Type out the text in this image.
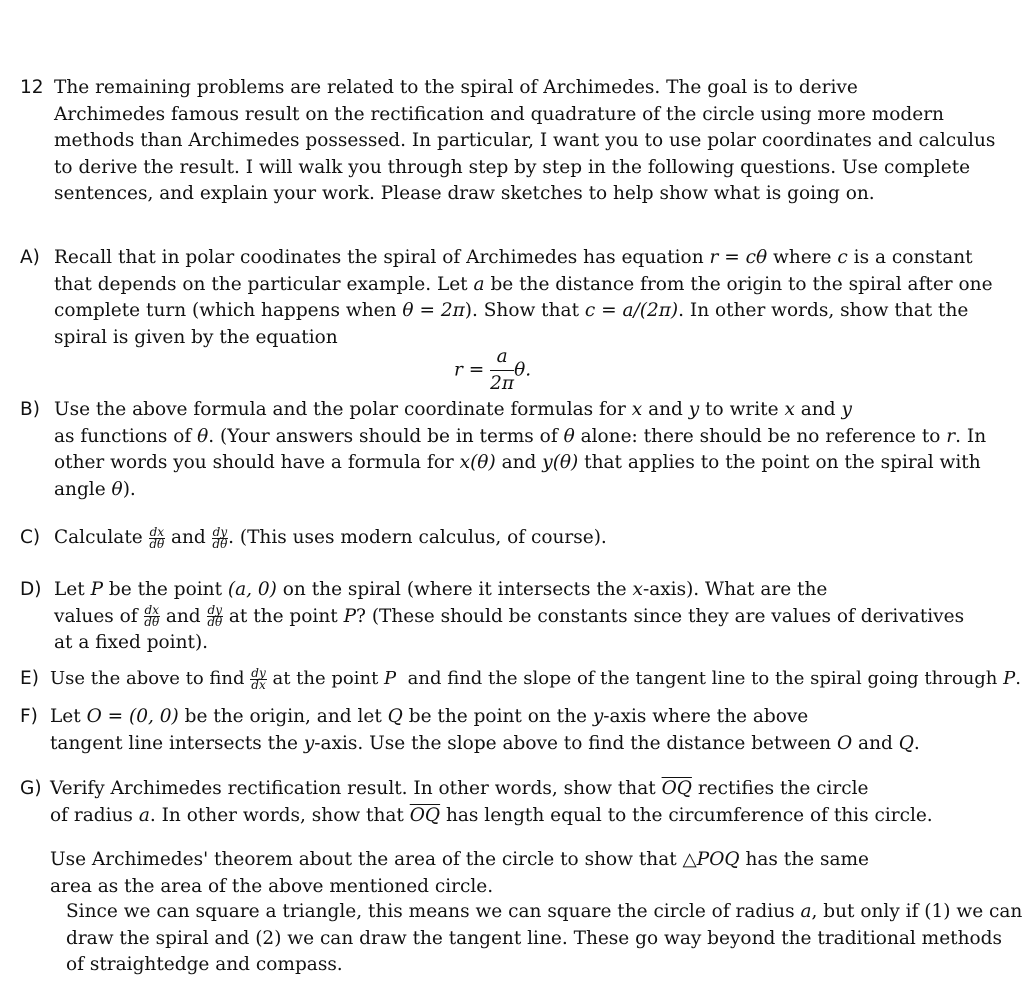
12 The remaining problems are related to the spiral of Archimedes. The goal is to derive
Archimedes famous result on the rectification and quadrature of the circle using more modern
methods than Archimedes possessed. In particular, I want you to use polar coordinates and calculus
to derive the result. I will walk you through step by step in the following questions. Use complete
sentences, and explain your work. Please draw sketches to help show what is going on.
A) Recall that in polar coodinates the spiral of Archimedes has equation r = cθ where c is a constant
that depends on the particular example. Let a be the distance from the origin to the spiral after one
complete turn (which happens when θ = 2π). Show that c = a/(2π). In other words, show that the
spiral is given by the equation
$r = \frac{a}{2\pi} \theta$.
B) Use the above formula and the polar coordinate formulas for x and y to write x and y
as functions of θ. (Your answers should be in terms of θ alone: there should be no reference to r. In
other words you should have a formula for x(θ) and y(θ) that applies to the point on the spiral with
angle θ).
C) Calculate $\frac{dx}{d\theta}$ and $\frac{dy}{d\theta}$ . (This uses modern calculus, of course).
D) Let P be the point (a, 0) on the spiral (where it intersects the x-axis). What are the
values of $\frac{dx}{d\theta}$ and $\frac{dy}{d\theta}$ at the point P? (These should be constants since they are values of derivatives
at a fixed point).
E) Use the above to find $\frac{dy}{dx}$ at the point P and find the slope of the tangent line to the spiral going through P.
F) Let O = (0, 0) be the origin, and let Q be the point on the y-axis where the above
tangent line intersects the y-axis. Use the slope above to find the distance between O and Q.
G) Verify Archimedes rectification result. In other words, show that $\overline{OQ}$ rectifies the circle
of radius a. In other words, show that $\overline{OQ}$ has length equal to the circumference of this circle.
Use Archimedes' theorem about the area of the circle to show that △POQ has the same
area as the area of the above mentioned circle.
Since we can square a triangle, this means we can square the circle of radius a, but only if (1) we can
draw the spiral and (2) we can draw the tangent line. These go way beyond the traditional methods
of straightedge and compass.
